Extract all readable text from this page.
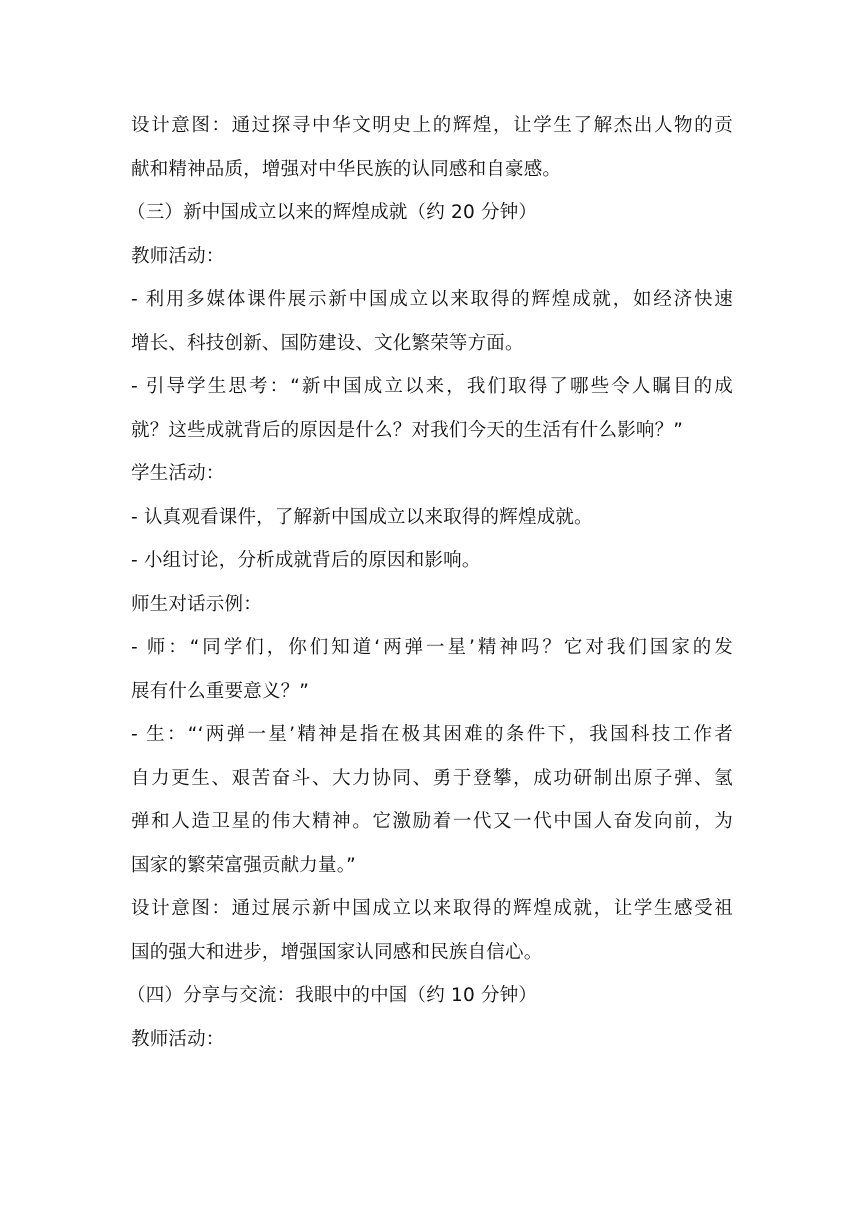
设计意图：通过探寻中华文明史上的辉煌，让学生了解杰出人物的贡
献和精神品质，增强对中华民族的认同感和自豪感。

（三）新中国成立以来的辉煌成就（约 20 分钟）

教师活动：

- 利用多媒体课件展示新中国成立以来取得的辉煌成就，如经济快速
增长、科技创新、国防建设、文化繁荣等方面。

- 引导学生思考：“新中国成立以来，我们取得了哪些令人瞩目的成
就？这些成就背后的原因是什么？对我们今天的生活有什么影响？”

学生活动：

- 认真观看课件，了解新中国成立以来取得的辉煌成就。

- 小组讨论，分析成就背后的原因和影响。

师生对话示例：

- 师：“同学们，你们知道‘两弹一星’精神吗？它对我们国家的发
展有什么重要意义？”

- 生：“‘两弹一星’精神是指在极其困难的条件下，我国科技工作者
自力更生、艰苦奋斗、大力协同、勇于登攀，成功研制出原子弹、氢
弹和人造卫星的伟大精神。它激励着一代又一代中国人奋发向前，为
国家的繁荣富强贡献力量。”

设计意图：通过展示新中国成立以来取得的辉煌成就，让学生感受祖
国的强大和进步，增强国家认同感和民族自信心。

（四）分享与交流：我眼中的中国（约 10 分钟）

教师活动：
